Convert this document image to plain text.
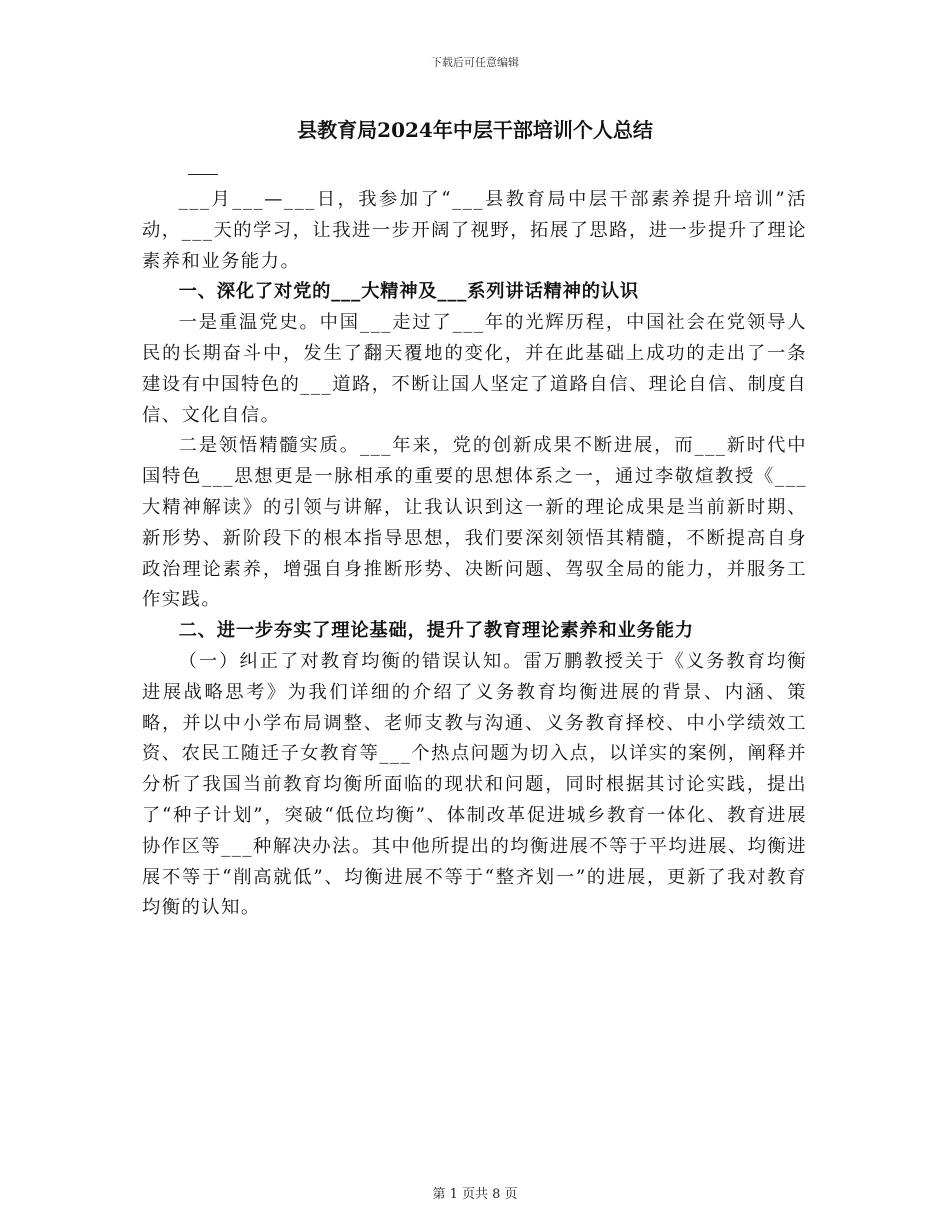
下载后可任意编辑
县教育局2024年中层干部培训个人总结

___月___—___日，我参加了“___县教育局中层干部素养提升培训”活动，___天的学习，让我进一步开阔了视野，拓展了思路，进一步提升了理论素养和业务能力。

一、深化了对党的___大精神及___系列讲话精神的认识

一是重温党史。中国___走过了___年的光辉历程，中国社会在党领导人民的长期奋斗中，发生了翻天覆地的变化，并在此基础上成功的走出了一条建设有中国特色的___道路，不断让国人坚定了道路自信、理论自信、制度自信、文化自信。

二是领悟精髓实质。___年来，党的创新成果不断进展，而___新时代中国特色___思想更是一脉相承的重要的思想体系之一，通过李敬煊教授《___大精神解读》的引领与讲解，让我认识到这一新的理论成果是当前新时期、新形势、新阶段下的根本指导思想，我们要深刻领悟其精髓，不断提高自身政治理论素养，增强自身推断形势、决断问题、驾驭全局的能力，并服务工作实践。

二、进一步夯实了理论基础，提升了教育理论素养和业务能力

（一）纠正了对教育均衡的错误认知。雷万鹏教授关于《义务教育均衡进展战略思考》为我们详细的介绍了义务教育均衡进展的背景、内涵、策略，并以中小学布局调整、老师支教与沟通、义务教育择校、中小学绩效工资、农民工随迁子女教育等___个热点问题为切入点，以详实的案例，阐释并分析了我国当前教育均衡所面临的现状和问题，同时根据其讨论实践，提出了“种子计划”，突破“低位均衡”、体制改革促进城乡教育一体化、教育进展协作区等___种解决办法。其中他所提出的均衡进展不等于平均进展、均衡进展不等于“削高就低”、均衡进展不等于“整齐划一”的进展，更新了我对教育均衡的认知。

第 1 页共 8 页
